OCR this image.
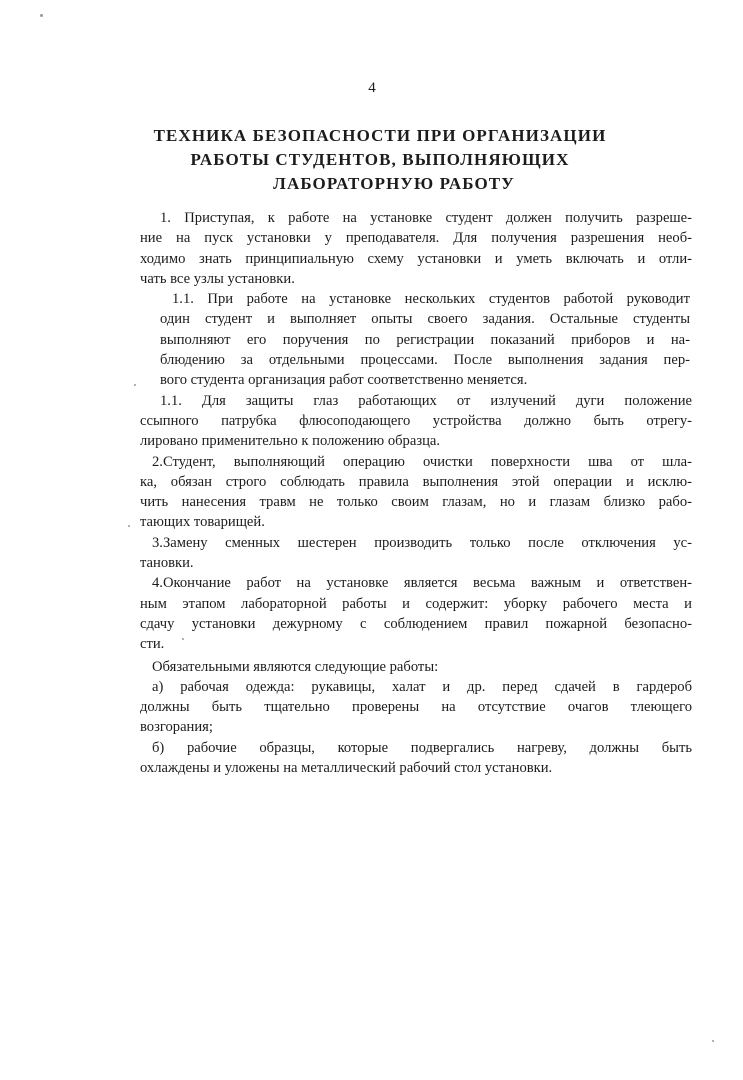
4
ТЕХНИКА БЕЗОПАСНОСТИ ПРИ ОРГАНИЗАЦИИ
РАБОТЫ СТУДЕНТОВ, ВЫПОЛНЯЮЩИХ
ЛАБОРАТОРНУЮ РАБОТУ
1. Приступая, к работе на установке студент должен получить разреше-
ние на пуск установки у преподавателя. Для получения разрешения необ-
ходимо знать принципиальную схему установки и уметь включать и отли-
чать все узлы установки.
1.1. При работе на установке нескольких студентов работой руководит
один студент и выполняет опыты своего задания. Остальные студенты
выполняют его поручения по регистрации показаний приборов и на-
блюдению за отдельными процессами. После выполнения задания пер-
вого студента организация работ соответственно меняется.
1.1. Для защиты глаз работающих от излучений дуги положение
ссыпного патрубка флюсоподающего устройства должно быть отрегу-
лировано применительно к положению образца.
2.Студент, выполняющий операцию очистки поверхности шва от шла-
ка, обязан строго соблюдать правила выполнения этой операции и исклю-
чить нанесения травм не только своим глазам, но и глазам близко рабо-
тающих товарищей.
3.Замену сменных шестерен производить только после отключения ус-
тановки.
4.Окончание работ на установке является весьма важным и ответствен-
ным этапом лабораторной работы и содержит: уборку рабочего места и
сдачу установки дежурному с соблюдением правил пожарной безопасно-
сти.
Обязательными являются следующие работы:
а) рабочая одежда: рукавицы, халат и др. перед сдачей в гардероб
должны быть тщательно проверены на отсутствие очагов тлеющего
возгорания;
б) рабочие образцы, которые подвергались нагреву, должны быть
охлаждены и уложены на металлический рабочий стол установки.
